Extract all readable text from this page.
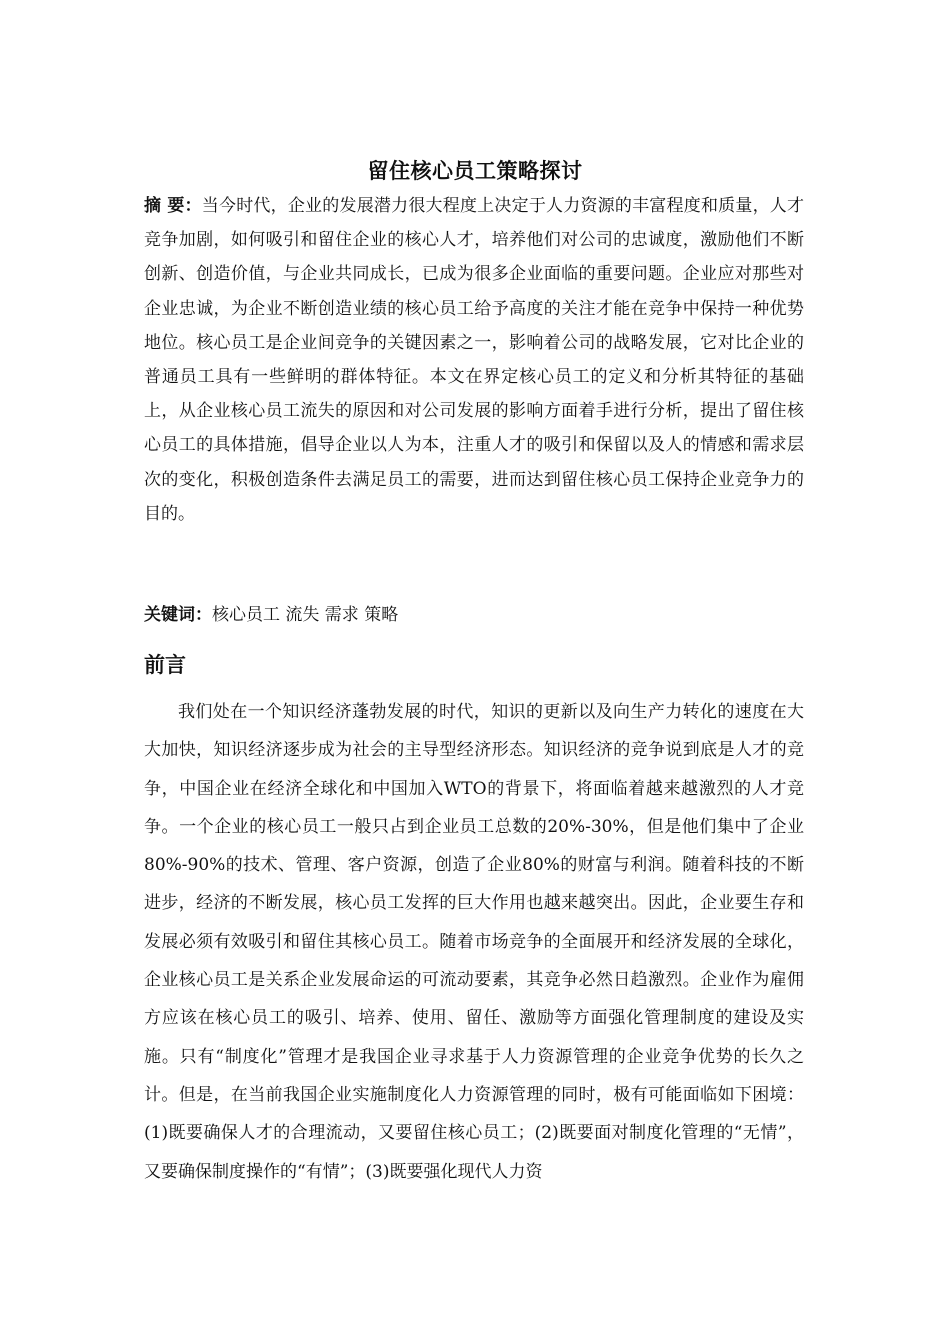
留住核心员工策略探讨
摘 要：当今时代，企业的发展潜力很大程度上决定于人力资源的丰富程度和质量，人才竞争加剧，如何吸引和留住企业的核心人才，培养他们对公司的忠诚度，激励他们不断创新、创造价值，与企业共同成长，已成为很多企业面临的重要问题。企业应对那些对企业忠诚，为企业不断创造业绩的核心员工给予高度的关注才能在竞争中保持一种优势地位。核心员工是企业间竞争的关键因素之一，影响着公司的战略发展，它对比企业的普通员工具有一些鲜明的群体特征。本文在界定核心员工的定义和分析其特征的基础上，从企业核心员工流失的原因和对公司发展的影响方面着手进行分析，提出了留住核心员工的具体措施，倡导企业以人为本，注重人才的吸引和保留以及人的情感和需求层次的变化，积极创造条件去满足员工的需要，进而达到留住核心员工保持企业竞争力的目的。
关键词：核心员工 流失 需求 策略
前言
我们处在一个知识经济蓬勃发展的时代，知识的更新以及向生产力转化的速度在大大加快，知识经济逐步成为社会的主导型经济形态。知识经济的竞争说到底是人才的竞争，中国企业在经济全球化和中国加入WTO的背景下，将面临着越来越激烈的人才竞争。一个企业的核心员工一般只占到企业员工总数的20%-30%，但是他们集中了企业80%-90%的技术、管理、客户资源，创造了企业80%的财富与利润。随着科技的不断进步，经济的不断发展，核心员工发挥的巨大作用也越来越突出。因此，企业要生存和发展必须有效吸引和留住其核心员工。随着市场竞争的全面展开和经济发展的全球化，企业核心员工是关系企业发展命运的可流动要素，其竞争必然日趋激烈。企业作为雇佣方应该在核心员工的吸引、培养、使用、留任、激励等方面强化管理制度的建设及实施。只有“制度化”管理才是我国企业寻求基于人力资源管理的企业竞争优势的长久之计。但是，在当前我国企业实施制度化人力资源管理的同时，极有可能面临如下困境：(1)既要确保人才的合理流动，又要留住核心员工；(2)既要面对制度化管理的“无情”，又要确保制度操作的“有情”；(3)既要强化现代人力资
